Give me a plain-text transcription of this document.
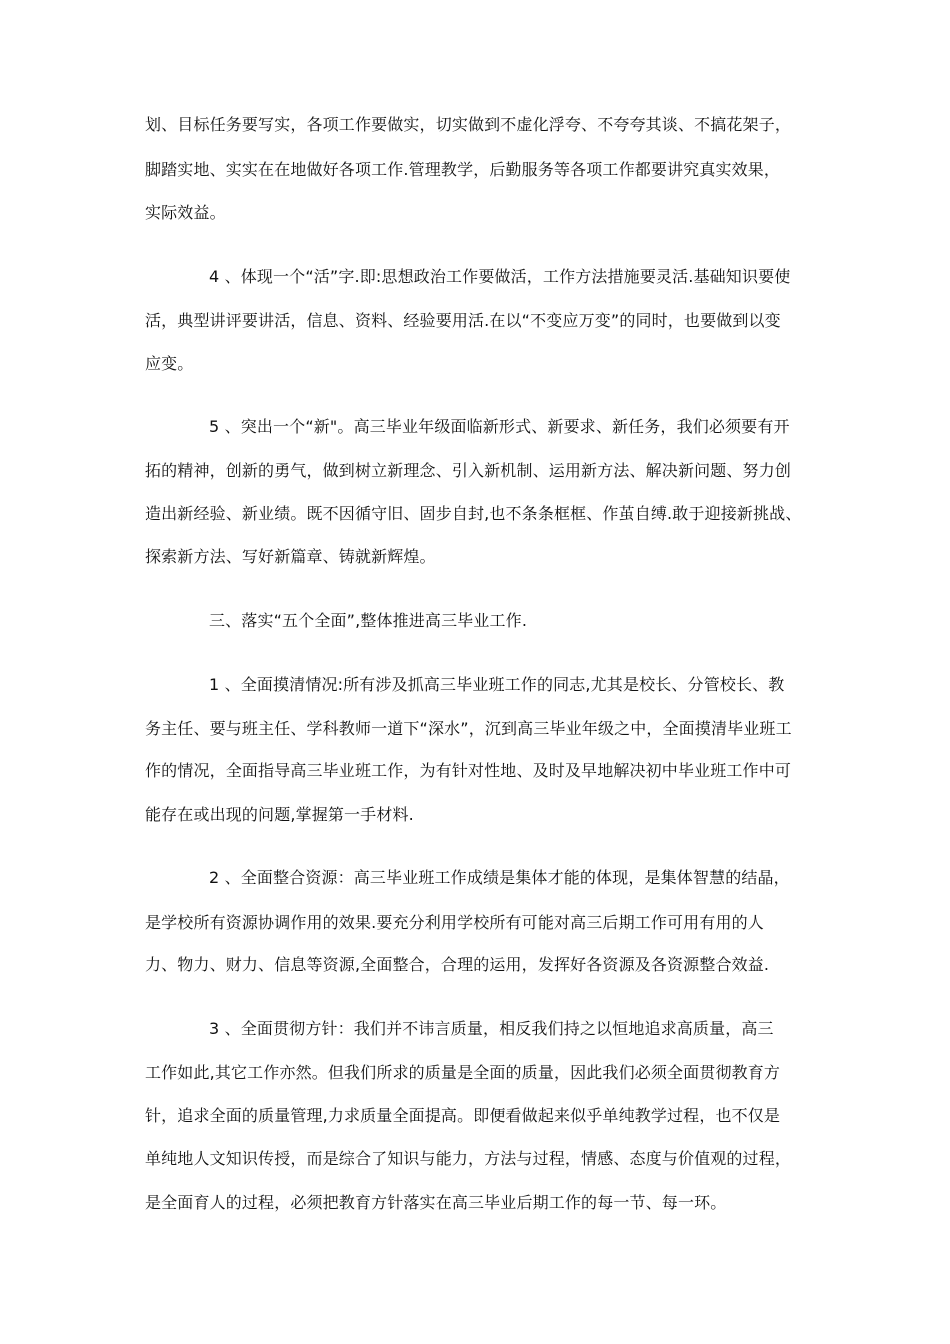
划、目标任务要写实，各项工作要做实，切实做到不虚化浮夸、不夸夸其谈、不搞花架子，
脚踏实地、实实在在地做好各项工作.管理教学，后勤服务等各项工作都要讲究真实效果，
实际效益。
4 、体现一个“活”字.即:思想政治工作要做活，工作方法措施要灵活.基础知识要使
活，典型讲评要讲活，信息、资料、经验要用活.在以“不变应万变”的同时，也要做到以变
应变。
5 、突出一个“新"。高三毕业年级面临新形式、新要求、新任务，我们必须要有开
拓的精神，创新的勇气，做到树立新理念、引入新机制、运用新方法、解决新问题、努力创
造出新经验、新业绩。既不因循守旧、固步自封,也不条条框框、作茧自缚.敢于迎接新挑战、
探索新方法、写好新篇章、铸就新辉煌。
三、落实“五个全面”,整体推进高三毕业工作.
1 、全面摸清情况:所有涉及抓高三毕业班工作的同志,尤其是校长、分管校长、教
务主任、要与班主任、学科教师一道下“深水”，沉到高三毕业年级之中，全面摸清毕业班工
作的情况，全面指导高三毕业班工作，为有针对性地、及时及早地解决初中毕业班工作中可
能存在或出现的问题,掌握第一手材料.
2 、全面整合资源：高三毕业班工作成绩是集体才能的体现，是集体智慧的结晶，
是学校所有资源协调作用的效果.要充分利用学校所有可能对高三后期工作可用有用的人
力、物力、财力、信息等资源,全面整合，合理的运用，发挥好各资源及各资源整合效益.
3 、全面贯彻方针：我们并不讳言质量，相反我们持之以恒地追求高质量，高三
工作如此,其它工作亦然。但我们所求的质量是全面的质量，因此我们必须全面贯彻教育方
针，追求全面的质量管理,力求质量全面提高。即便看做起来似乎单纯教学过程，也不仅是
单纯地人文知识传授，而是综合了知识与能力，方法与过程，情感、态度与价值观的过程，
是全面育人的过程，必须把教育方针落实在高三毕业后期工作的每一节、每一环。
